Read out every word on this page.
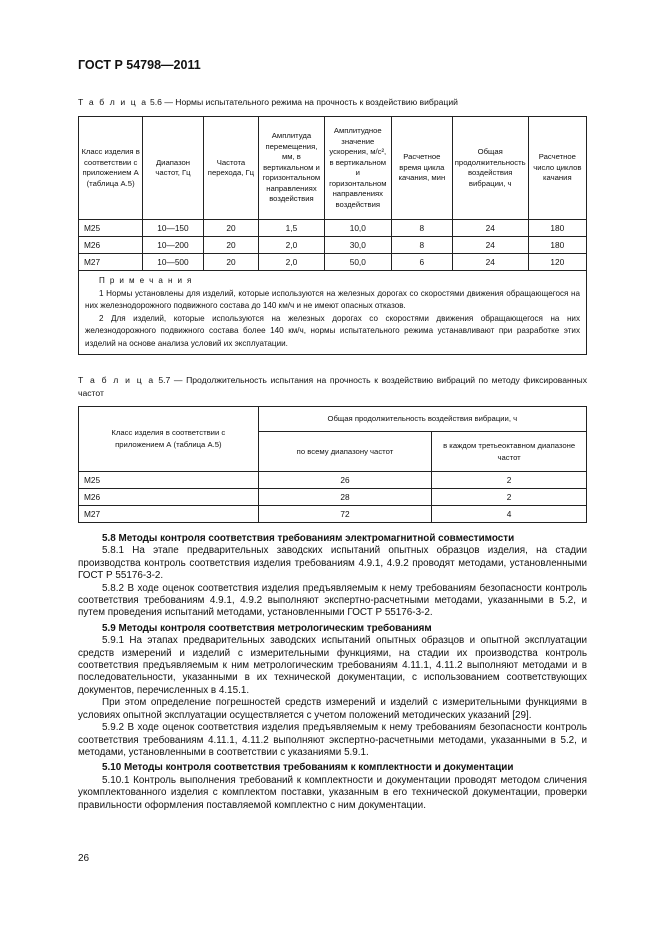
ГОСТ Р 54798—2011
Т а б л и ц а 5.6 — Нормы испытательного режима на прочность к воздействию вибраций
Класс изделия в соответствии с приложением А (таблица А.5)	Диапазон частот, Гц	Частота перехода, Гц	Амплитуда перемещения, мм, в вертикальном и горизонтальном направлениях воздействия	Амплитудное значение ускорения, м/с², в вертикальном и горизонтальном направлениях воздействия	Расчетное время цикла качания, мин	Общая продолжительность воздействия вибрации, ч	Расчетное число циклов качания
М25	10—150	20	1,5	10,0	8	24	180
М26	10—200	20	2,0	30,0	8	24	180
М27	10—500	20	2,0	50,0	6	24	120

П р и м е ч а н и я
1 Нормы установлены для изделий, которые используются на железных дорогах со скоростями движения обращающегося на них железнодорожного подвижного состава до 140 км/ч и не имеют опасных отказов.
2 Для изделий, которые используются на железных дорогах со скоростями движения обращающегося на них железнодорожного подвижного состава более 140 км/ч, нормы испытательного режима устанавливают при разработке этих изделий на основе анализа условий их эксплуатации.							
Т а б л и ц а 5.7 — Продолжительность испытания на прочность к воздействию вибраций по методу фиксированных частот
Класс изделия в соответствии с приложением А (таблица А.5)	Общая продолжительность воздействия вибрации, ч	
	по всему диапазону частот	в каждом третьеоктавном диапазоне частот
М25	26	2
М26	28	2
М27	72	4

5.8 Методы контроля соответствия требованиям электромагнитной совместимости

5.8.1 На этапе предварительных заводских испытаний опытных образцов изделия, на стадии производства контроль соответствия изделия требованиям 4.9.1, 4.9.2 проводят методами, установленными ГОСТ Р 55176-3-2.

5.8.2 В ходе оценок соответствия изделия предъявляемым к нему требованиям безопасности контроль соответствия требованиям 4.9.1, 4.9.2 выполняют экспертно-расчетными методами, указанными в 5.2, и путем проведения испытаний методами, установленными ГОСТ Р 55176-3-2.

5.9 Методы контроля соответствия метрологическим требованиям

5.9.1 На этапах предварительных заводских испытаний опытных образцов и опытной эксплуатации средств измерений и изделий с измерительными функциями, на стадии их производства контроль соответствия предъявляемым к ним метрологическим требованиям 4.11.1, 4.11.2 выполняют методами и в последовательности, указанными в их технической документации, с использованием соответствующих документов, перечисленных в 4.15.1.

При этом определение погрешностей средств измерений и изделий с измерительными функциями в условиях опытной эксплуатации осуществляется с учетом положений методических указаний [29].

5.9.2 В ходе оценок соответствия изделия предъявляемым к нему требованиям безопасности контроль соответствия требованиям 4.11.1, 4.11.2 выполняют экспертно-расчетными методами, указанными в 5.2, и методами, установленными в соответствии с указаниями 5.9.1.

5.10 Методы контроля соответствия требованиям к комплектности и документации

5.10.1 Контроль выполнения требований к комплектности и документации проводят методом сличения укомплектованного изделия с комплектом поставки, указанным в его технической документации, проверки правильности оформления поставляемой комплектно с ним документации.

26
